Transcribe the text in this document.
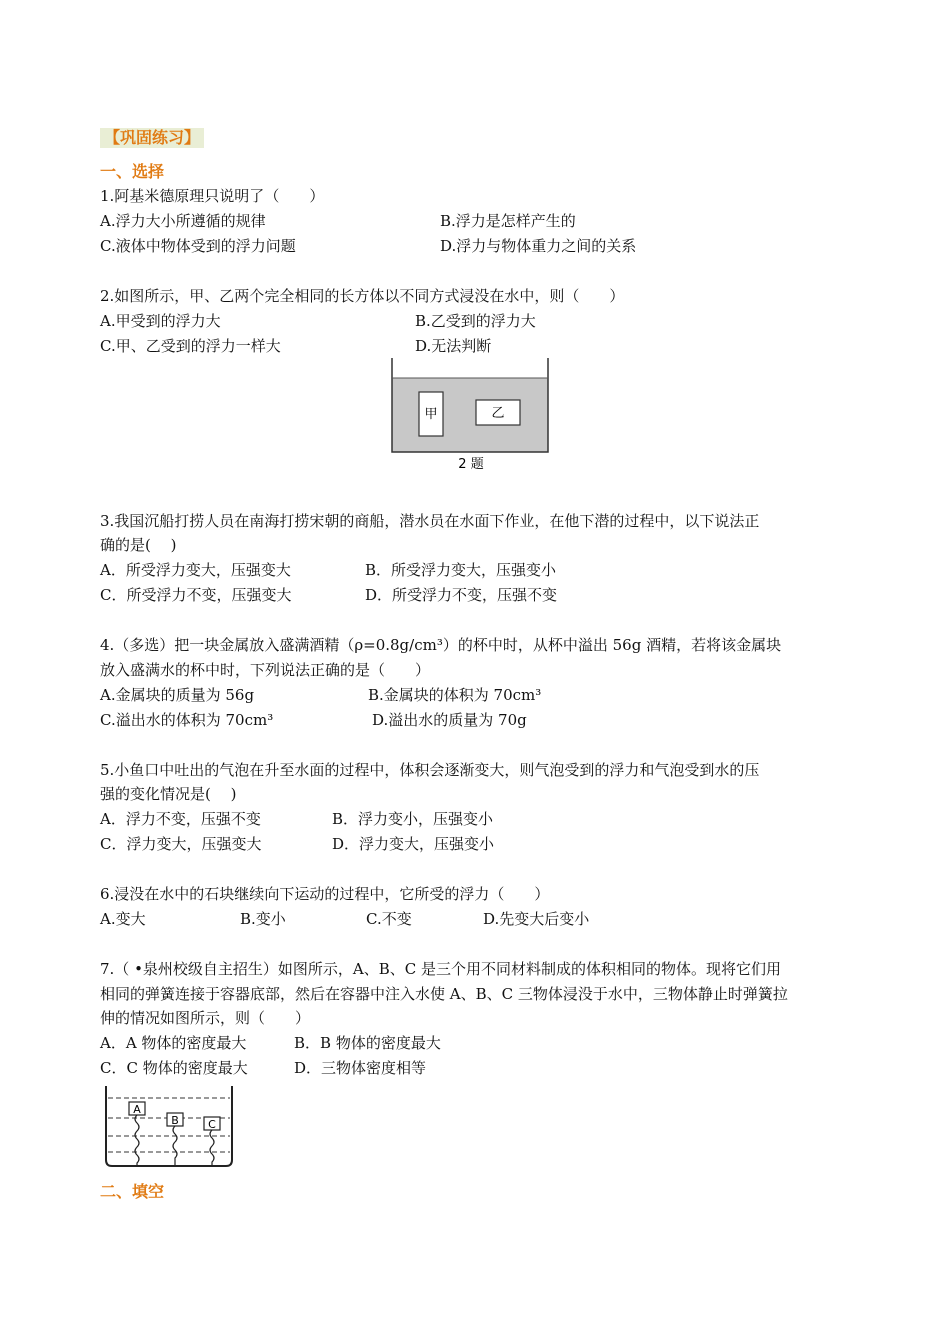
【巩固练习】
一、选择
1.阿基米德原理只说明了（　　）
A.浮力大小所遵循的规律	B.浮力是怎样产生的
C.液体中物体受到的浮力问题	D.浮力与物体重力之间的关系
2.如图所示，甲、乙两个完全相同的长方体以不同方式浸没在水中，则（　　）
A.甲受到的浮力大	B.乙受到的浮力大
C.甲、乙受到的浮力一样大	D.无法判断
甲	乙
2 题
3.我国沉船打捞人员在南海打捞宋朝的商船，潜水员在水面下作业，在他下潜的过程中，以下说法正
确的是(　 )
A．所受浮力变大，压强变大	B．所受浮力变大，压强变小
C．所受浮力不变，压强变大	D．所受浮力不变，压强不变
4.（多选）把一块金属放入盛满酒精（ρ=0.8g/cm³）的杯中时，从杯中溢出 56g 酒精，若将该金属块
放入盛满水的杯中时，下列说法正确的是（　　）
A.金属块的质量为 56g	B.金属块的体积为 70cm³
C.溢出水的体积为 70cm³	D.溢出水的质量为 70g
5.小鱼口中吐出的气泡在升至水面的过程中，体积会逐渐变大，则气泡受到的浮力和气泡受到水的压
强的变化情况是(　 )
A．浮力不变，压强不变	B．浮力变小，压强变小
C．浮力变大，压强变大	D．浮力变大，压强变小
6.浸没在水中的石块继续向下运动的过程中，它所受的浮力（　　）
A.变大	B.变小	C.不变	D.先变大后变小
7.（ •泉州校级自主招生）如图所示，A、B、C 是三个用不同材料制成的体积相同的物体。现将它们用
相同的弹簧连接于容器底部，然后在容器中注入水使 A、B、C 三物体浸没于水中，三物体静止时弹簧拉
伸的情况如图所示，则（　　）
A．A 物体的密度最大	B．B 物体的密度最大
C．C 物体的密度最大	D．三物体密度相等
A
B	C
二、填空
